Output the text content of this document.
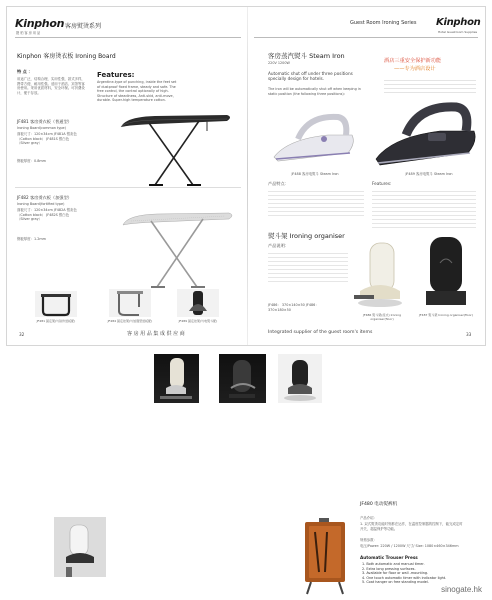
Kinphon
捷 柏 客 房 用 品
客房熨烫系列
Kinphon 客房烫衣板 Ironing Board
特 点 ：
用途广泛，结构合理，实用性强，款式多样，携带方便，耐用性强。适用于酒店、宾馆等客房使用。采用优质材料，安全环保。可折叠设计，便于存放。
Features:
Argentine-type of punching, inside the feet set of dustproof fixed frame, steady and safe. The free control, the control optionally of high. Structure of steadiness, Anti-skid, anti-move, durable. Super-high temperature cotton.
JF481 客房烫衣板（普通型）
Ironing Board(common type)
面板尺寸：120×34cm JF481A 银灰色（Cotton black） JF481S 银白色（Silver gray）
钢板厚度：0.8mm
JF482 客房烫衣板（加强型）
Ironing Board(fortified type)
面板尺寸：120×34cm JF482A 银灰色（Cotton black） JF482S 银白色（Silver gray）
钢板厚度：1.2mm
JF481 固定架(与铁件烫板配)	JF484 固定挂架(与加强型烫板配)	JF489 固定挂架(与电熨斗配)
32	客 房 用 品 集 成 供 应 商
Guest Room Ironing Series Kinphon
Hotel Guestroom Supplies
客房蒸汽熨斗 Steam Iron
220V 1200W
Automatic shut off under three positions specially design for hotels.
The iron will be automatically shut off when keeping in static position (the following three positions):
酒店三重安全保护新功能
——专为酒店设计
JF488 客房电熨斗 Steam Iron	JF489 客房电熨斗 Steam Iron
产品特点：	Features:
熨斗架 Ironing organiser
产品说明：
JF486： 370×140×50 JF486： 370×180×50
JF486 熨斗架(座式) Ironing organiser(floor)
JF487 熨斗架 Ironing organiser(floor)
Integrated supplier of the guest room's items	33
JF480 电动熨裤机
产品介绍：
1. 双式熨烫功能时刻都在运作，在温度控制器的控制下，能完成定时开关，超温保护等功能。
规格参数：
电压/Power: 220W / 1200W 尺寸/ Size: 1080×460×346mm
Automatic Trouser Press
1. Both automatic and manual timer.
2. Extra long pressing surfaces.
3. Available for floor or wall -mounting.
4. One touch automatic timer with indicator light.
5. Coat hanger on free standing model.
sinogate.hk
